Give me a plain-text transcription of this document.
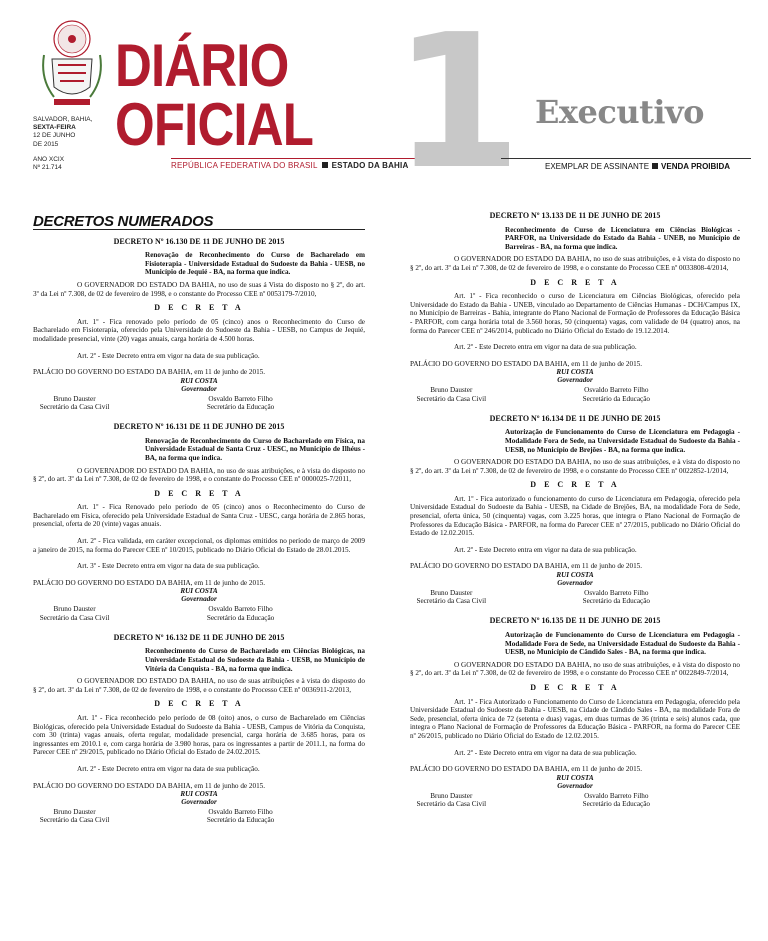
SALVADOR, BAHIA,
SEXTA-FEIRA
12 DE JUNHO
DE 2015
ANO XCIX
Nº 21.714
DIÁRIO
OFICIAL
REPÚBLICA FEDERATIVA DO BRASIL ESTADO DA BAHIA
1 Executivo
EXEMPLAR DE ASSINANTE VENDA PROIBIDA
DECRETOS NUMERADOS
DECRETO Nº 16.130 DE 11 DE JUNHO DE 2015
Renovação de Reconhecimento do Curso de Bacharelado em Fisioterapia - Universidade Estadual do Sudoeste da Bahia - UESB, no Município de Jequié - BA, na forma que indica.
O GOVERNADOR DO ESTADO DA BAHIA, no uso de suas á Vista do disposto no § 2º, do art. 3º da Lei nº 7.308, de 02 de fevereiro de 1998, e o constante do Processo CEE nº 0053179-7/2010,
D E C R E T A
Art. 1º - Fica renovado pelo período de 05 (cinco) anos o Reconhecimento do Curso de Bacharelado em Fisioterapia, oferecido pela Universidade do Sudoeste da Bahia - UESB, no Campus de Jequié, modalidade presencial, vinte (20) vagas anuais, carga horária de 4.500 horas.
Art. 2º - Este Decreto entra em vigor na data de sua publicação.
PALÁCIO DO GOVERNO DO ESTADO DA BAHIA, em 11 de junho de 2015.
RUI COSTA
Governador
Bruno Dauster
Secretário da Casa Civil
Osvaldo Barreto Filho
Secretário da Educação
DECRETO Nº 16.131 DE 11 DE JUNHO DE 2015
Renovação de Reconhecimento do Curso de Bacharelado em Física, na Universidade Estadual de Santa Cruz - UESC, no Município de Ilhéus - BA, na forma que indica.
O GOVERNADOR DO ESTADO DA BAHIA, no uso de suas atribuições, e à vista do disposto no § 2º, do art. 3º da Lei nº 7.308, de 02 de fevereiro de 1998, e o constante do Processo CEE nº 0000025-7/2011,
D E C R E T A
Art. 1º - Fica Renovado pelo período de 05 (cinco) anos o Reconhecimento do Curso de Bacharelado em Física, oferecido pela Universidade Estadual de Santa Cruz - UESC, carga horária de 2.865 horas, presencial, oferta de 20 (vinte) vagas anuais.
Art. 2º - Fica validada, em caráter excepcional, os diplomas emitidos no período de março de 2009 a janeiro de 2015, na forma do Parecer CEE nº 10/2015, publicado no Diário Oficial do Estado de 28.01.2015.
Art. 3º - Este Decreto entra em vigor na data de sua publicação.
PALÁCIO DO GOVERNO DO ESTADO DA BAHIA, em 11 de junho de 2015.
RUI COSTA
Governador
Bruno Dauster
Secretário da Casa Civil
Osvaldo Barreto Filho
Secretário da Educação
DECRETO Nº 16.132 DE 11 DE JUNHO DE 2015
Reconhecimento do Curso de Bacharelado em Ciências Biológicas, na Universidade Estadual do Sudoeste da Bahia - UESB, no Município de Vitória da Conquista - BA, na forma que indica.
O GOVERNADOR DO ESTADO DA BAHIA, no uso de suas atribuições e à vista do disposto do § 2º, do art. 3º da Lei nº 7.308, de 02 de fevereiro de 1998, e o constante do Processo CEE nº 0036911-2/2013,
D E C R E T A
Art. 1º - Fica reconhecido pelo período de 08 (oito) anos, o curso de Bacharelado em Ciências Biológicas, oferecido pela Universidade Estadual do Sudoeste da Bahia - UESB, Campus de Vitória da Conquista, com 30 (trinta) vagas anuais, oferta regular, modalidade presencial, carga horária de 3.685 horas, para os ingressantes em 2010.1 e, com carga horária de 3.980 horas, para os ingressantes a partir de 2011.1, na forma do Parecer CEE nº 29/2015, publicado no Diário Oficial do Estado de 24.02.2015.
Art. 2º - Este Decreto entra em vigor na data de sua publicação.
PALÁCIO DO GOVERNO DO ESTADO DA BAHIA, em 11 de junho de 2015.
RUI COSTA
Governador
Bruno Dauster
Secretário da Casa Civil
Osvaldo Barreto Filho
Secretário da Educação
DECRETO Nº 13.133 DE 11 DE JUNHO DE 2015
Reconhecimento do Curso de Licenciatura em Ciências Biológicas - PARFOR, na Universidade do Estado da Bahia - UNEB, no Município de Barreiras - BA, na forma que indica.
O GOVERNADOR DO ESTADO DA BAHIA, no uso de suas atribuições, e à vista do disposto no § 2º, do art. 3º da Lei nº 7.308, de 02 de fevereiro de 1998, e o constante do Processo CEE nº 0033808-4/2014,
D E C R E T A
Art. 1º - Fica reconhecido o curso de Licenciatura em Ciências Biológicas, oferecido pela Universidade do Estado da Bahia - UNEB, vinculado ao Departamento de Ciências Humanas - DCH/Campus IX, no Município de Barreiras - Bahia, integrante do Plano Nacional de Formação de Professores da Educação Básica - PARFOR, com carga horária total de 3.560 horas, 50 (cinquenta) vagas, com validade de 04 (quatro) anos, na forma do Parecer CEE nº 246/2014, publicado no Diário Oficial do Estado de 19.12.2014.
Art. 2º - Este Decreto entra em vigor na data de sua publicação.
PALÁCIO DO GOVERNO DO ESTADO DA BAHIA, em 11 de junho de 2015.
RUI COSTA
Governador
Bruno Dauster
Secretário da Casa Civil
Osvaldo Barreto Filho
Secretário da Educação
DECRETO Nº 16.134 DE 11 DE JUNHO DE 2015
Autorização de Funcionamento do Curso de Licenciatura em Pedagogia - Modalidade Fora de Sede, na Universidade Estadual do Sudoeste da Bahia - UESB, no Município de Brejões - BA, na forma que indica.
O GOVERNADOR DO ESTADO DA BAHIA, no uso de suas atribuições, e à vista do disposto no § 2º, do art. 3º da Lei nº 7.308, de 02 de fevereiro de 1998, e o constante do Processo CEE nº 0022852-1/2014,
D E C R E T A
Art. 1º - Fica autorizado o funcionamento do curso de Licenciatura em Pedagogia, oferecido pela Universidade Estadual do Sudoeste da Bahia - UESB, na Cidade de Brejões, BA, na modalidade Fora de Sede, presencial, oferta única, 50 (cinquenta) vagas, com 3.225 horas, que integra o Plano Nacional de Formação de Professores da Educação Básica - PARFOR, na forma do Parecer CEE nº 27/2015, publicado no Diário Oficial do Estado de 12.02.2015.
Art. 2º - Este Decreto entra em vigor na data de sua publicação.
PALÁCIO DO GOVERNO DO ESTADO DA BAHIA, em 11 de junho de 2015.
RUI COSTA
Governador
Bruno Dauster
Secretário da Casa Civil
Osvaldo Barreto Filho
Secretário da Educação
DECRETO Nº 16.135 DE 11 DE JUNHO DE 2015
Autorização de Funcionamento do Curso de Licenciatura em Pedagogia - Modalidade Fora de Sede, na Universidade Estadual do Sudoeste da Bahia - UESB, no Município de Cândido Sales - BA, na forma que indica.
O GOVERNADOR DO ESTADO DA BAHIA, no uso de suas atribuições, e à vista do disposto no § 2º, do art. 3º da Lei nº 7.308, de 02 de fevereiro de 1998, e o constante do Processo CEE nº 0022849-7/2014,
D E C R E T A
Art. 1º - Fica Autorizado o Funcionamento do Curso de Licenciatura em Pedagogia, oferecido pela Universidade Estadual do Sudoeste da Bahia - UESB, na Cidade de Cândido Sales - BA, na modalidade Fora de Sede, presencial, oferta única de 72 (setenta e duas) vagas, em duas turmas de 36 (trinta e seis) alunos cada, que integra o Plano Nacional de Formação de Professores da Educação Básica - PARFOR, na forma do Parecer CEE nº 26/2015, publicado no Diário Oficial do Estado de 12.02.2015.
Art. 2º - Este Decreto entra em vigor na data de sua publicação.
PALÁCIO DO GOVERNO DO ESTADO DA BAHIA, em 11 de junho de 2015.
RUI COSTA
Governador
Bruno Dauster
Secretário da Casa Civil
Osvaldo Barreto Filho
Secretário da Educação
